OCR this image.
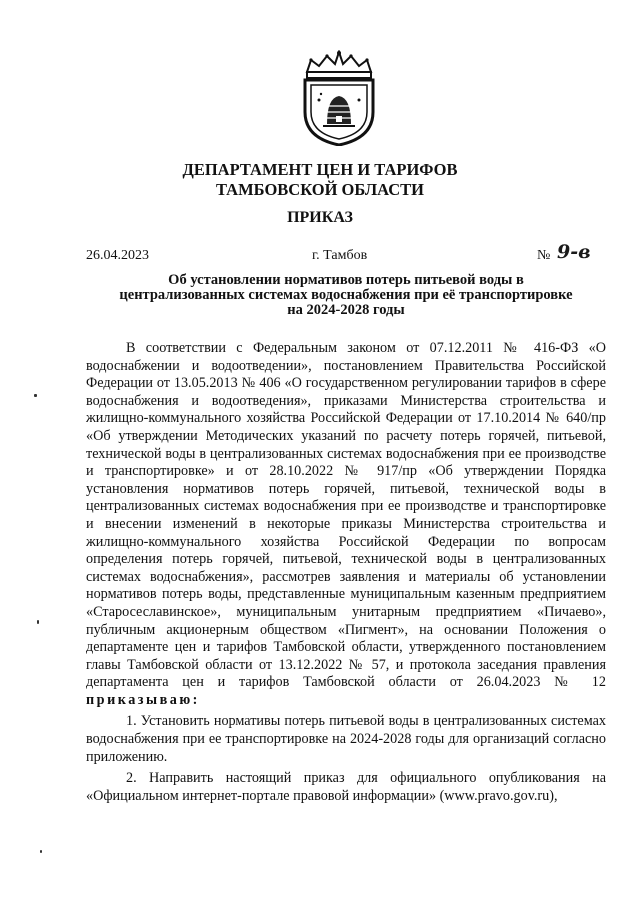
ДЕПАРТАМЕНТ ЦЕН И ТАРИФОВ
ТАМБОВСКОЙ ОБЛАСТИ
ПРИКАЗ
26.04.2023	г. Тамбов	№ 9-в
Об установлении нормативов потерь питьевой воды в
централизованных системах водоснабжения при её транспортировке
на 2024-2028 годы

В соответствии с Федеральным законом от 07.12.2011 № 416-ФЗ «О водоснабжении и водоотведении», постановлением Правительства Российской Федерации от 13.05.2013 № 406 «О государственном регулировании тарифов в сфере водоснабжения и водоотведения», приказами Министерства строительства и жилищно-коммунального хозяйства Российской Федерации от 17.10.2014 № 640/пр «Об утверждении Методических указаний по расчету потерь горячей, питьевой, технической воды в централизованных системах водоснабжения при ее производстве и транспортировке» и от 28.10.2022 № 917/пр «Об утверждении Порядка установления нормативов потерь горячей, питьевой, технической воды в централизованных системах водоснабжения при ее производстве и транспортировке и внесении изменений в некоторые приказы Министерства строительства и жилищно-коммунального хозяйства Российской Федерации по вопросам определения потерь горячей, питьевой, технической воды в централизованных системах водоснабжения», рассмотрев заявления и материалы об установлении нормативов потерь воды, представленные муниципальным казенным предприятием «Старосеславинское», муниципальным унитарным предприятием «Пичаево», публичным акционерным обществом «Пигмент», на основании Положения о департаменте цен и тарифов Тамбовской области, утвержденного постановлением главы Тамбовской области от 13.12.2022 № 57, и протокола заседания правления департамента цен и тарифов Тамбовской области от 26.04.2023 № 12 приказываю:

1. Установить нормативы потерь питьевой воды в централизованных системах водоснабжения при ее транспортировке на 2024-2028 годы для организаций согласно приложению.

2. Направить настоящий приказ для официального опубликования на «Официальном интернет-портале правовой информации» (www.pravo.gov.ru),
